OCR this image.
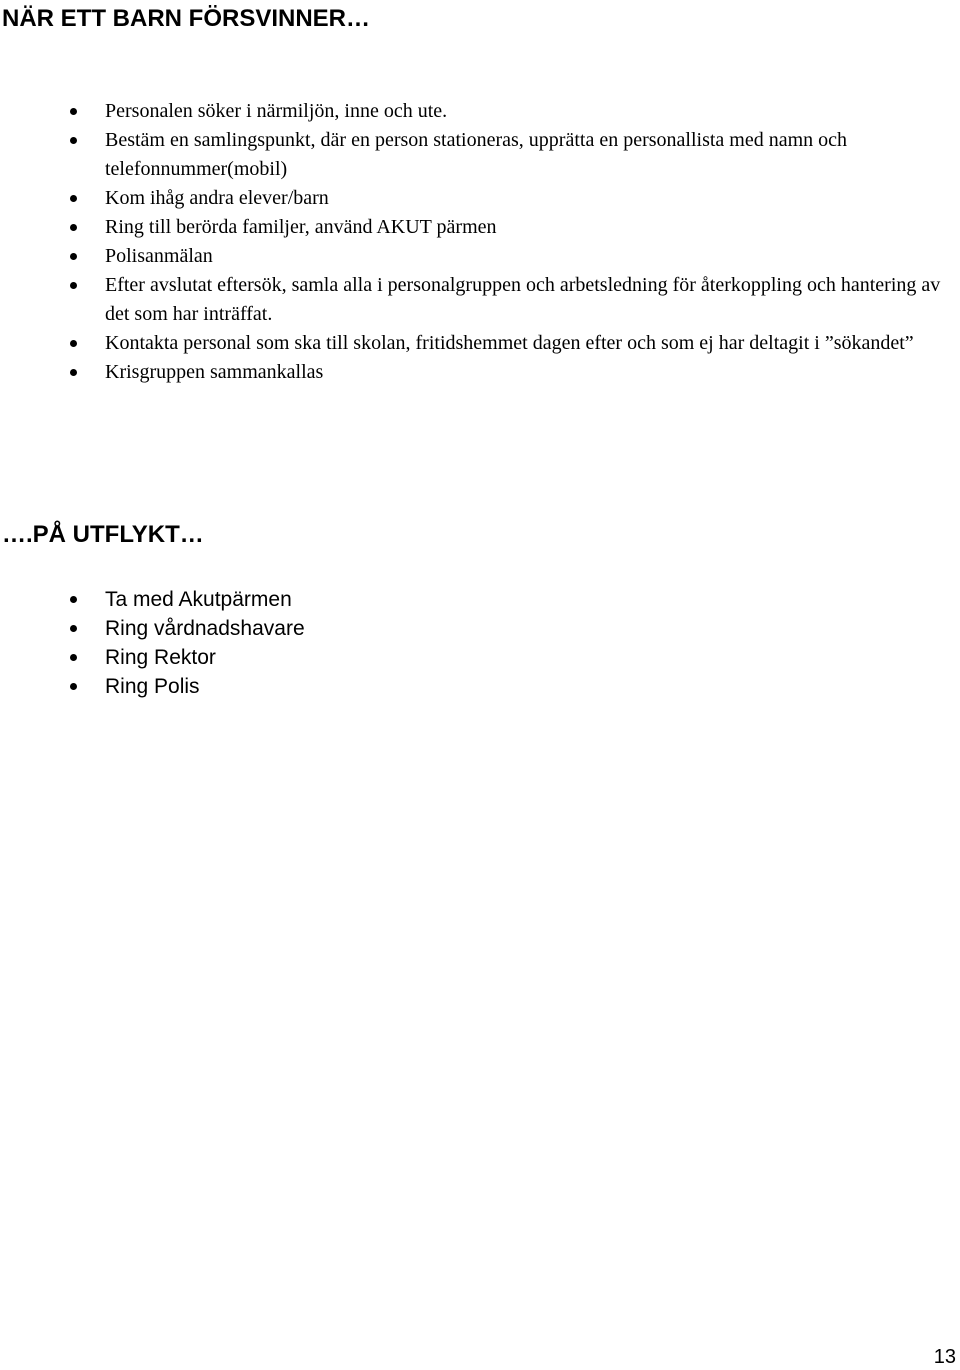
NÄR ETT BARN FÖRSVINNER…
Personalen söker i närmiljön, inne och ute.
Bestäm en samlingspunkt, där en person stationeras, upprätta en personallista med namn och telefonnummer(mobil)
Kom ihåg andra elever/barn
Ring till berörda familjer, använd AKUT pärmen
Polisanmälan
Efter avslutat eftersök, samla alla i personalgruppen och arbetsledning för återkoppling och hantering av det som har inträffat.
Kontakta personal som ska till skolan, fritidshemmet dagen efter och som ej har deltagit i ”sökandet”
Krisgruppen sammankallas
….PÅ UTFLYKT…
Ta med Akutpärmen
Ring vårdnadshavare
Ring Rektor
Ring Polis
13
